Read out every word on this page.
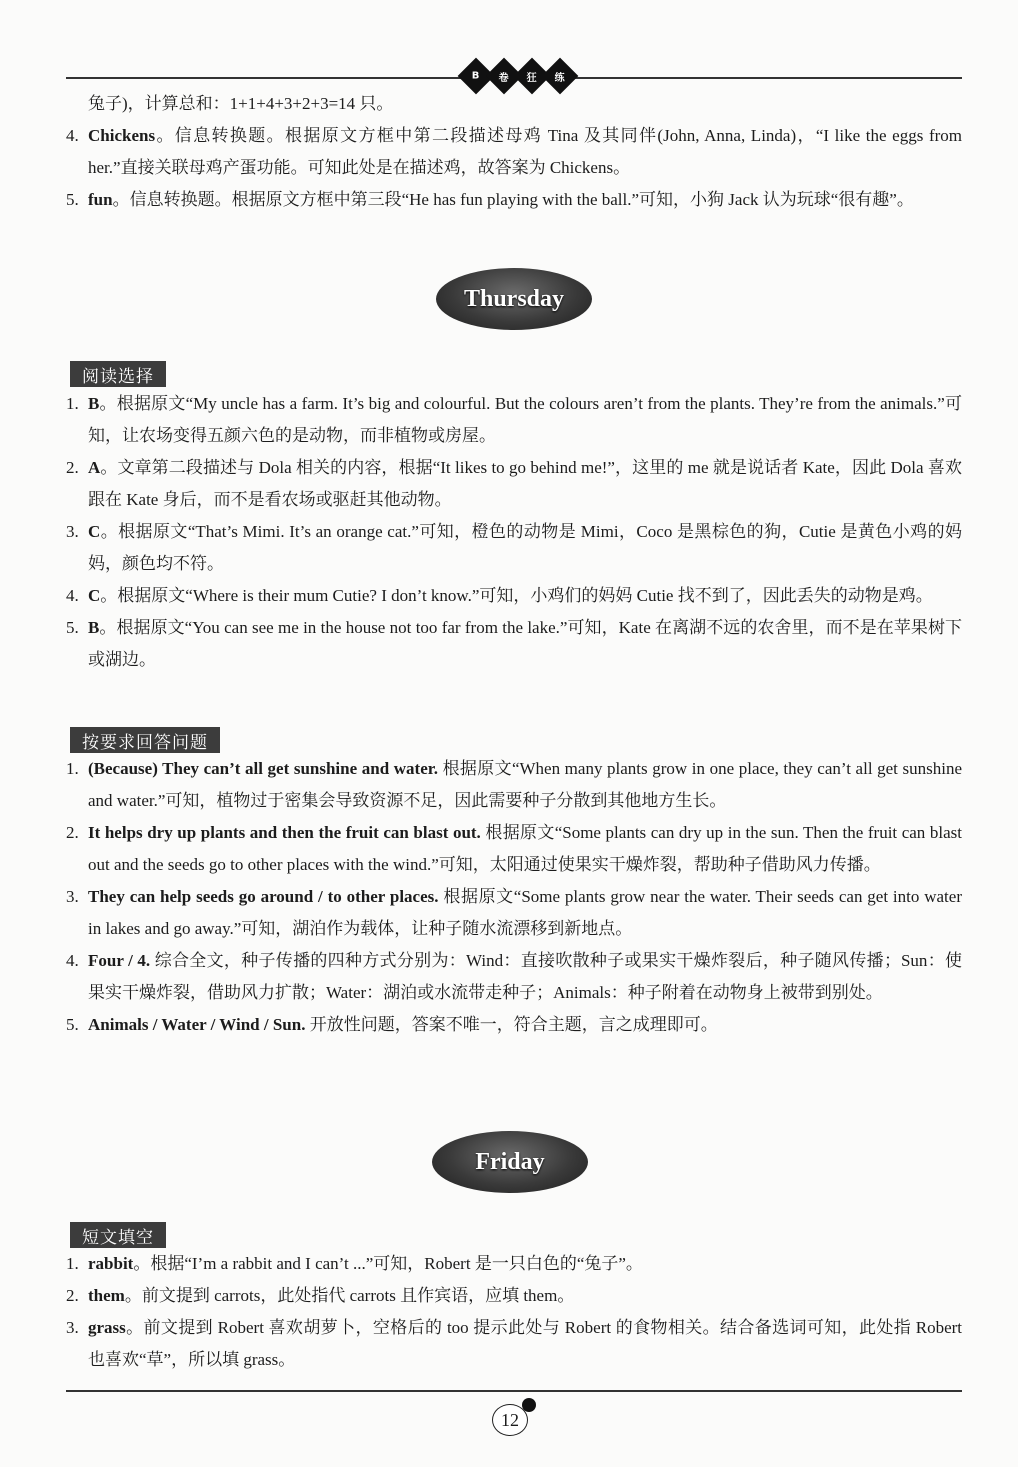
B 卷 狂 练

兔子)，计算总和：1+1+4+3+2+3=14 只。

4. Chickens。信息转换题。根据原文方框中第二段描述母鸡 Tina 及其同伴(John, Anna, Linda)，“I like the eggs from her.”直接关联母鸡产蛋功能。可知此处是在描述鸡，故答案为 Chickens。

5. fun。信息转换题。根据原文方框中第三段“He has fun playing with the ball.”可知，小狗 Jack 认为玩球“很有趣”。

Thursday
阅读选择
1. B。根据原文“My uncle has a farm. It’s big and colourful. But the colours aren’t from the plants. They’re from the animals.”可知，让农场变得五颜六色的是动物，而非植物或房屋。

2. A。文章第二段描述与 Dola 相关的内容，根据“It likes to go behind me!”，这里的 me 就是说话者 Kate，因此 Dola 喜欢跟在 Kate 身后，而不是看农场或驱赶其他动物。

3. C。根据原文“That’s Mimi. It’s an orange cat.”可知，橙色的动物是 Mimi，Coco 是黑棕色的狗，Cutie 是黄色小鸡的妈妈，颜色均不符。

4. C。根据原文“Where is their mum Cutie? I don’t know.”可知，小鸡们的妈妈 Cutie 找不到了，因此丢失的动物是鸡。

5. B。根据原文“You can see me in the house not too far from the lake.”可知，Kate 在离湖不远的农舍里，而不是在苹果树下或湖边。

按要求回答问题
1. (Because) They can’t all get sunshine and water. 根据原文“When many plants grow in one place, they can’t all get sunshine and water.”可知，植物过于密集会导致资源不足，因此需要种子分散到其他地方生长。

2. It helps dry up plants and then the fruit can blast out. 根据原文“Some plants can dry up in the sun. Then the fruit can blast out and the seeds go to other places with the wind.”可知，太阳通过使果实干燥炸裂，帮助种子借助风力传播。

3. They can help seeds go around / to other places. 根据原文“Some plants grow near the water. Their seeds can get into water in lakes and go away.”可知，湖泊作为载体，让种子随水流漂移到新地点。

4. Four / 4. 综合全文，种子传播的四种方式分别为：Wind：直接吹散种子或果实干燥炸裂后，种子随风传播；Sun：使果实干燥炸裂，借助风力扩散；Water：湖泊或水流带走种子；Animals：种子附着在动物身上被带到别处。

5. Animals / Water / Wind / Sun. 开放性问题，答案不唯一，符合主题，言之成理即可。

Friday
短文填空
1. rabbit。根据“I’m a rabbit and I can’t ...”可知，Robert 是一只白色的“兔子”。

2. them。前文提到 carrots，此处指代 carrots 且作宾语，应填 them。

3. grass。前文提到 Robert 喜欢胡萝卜，空格后的 too 提示此处与 Robert 的食物相关。结合备选词可知，此处指 Robert 也喜欢“草”，所以填 grass。

12
